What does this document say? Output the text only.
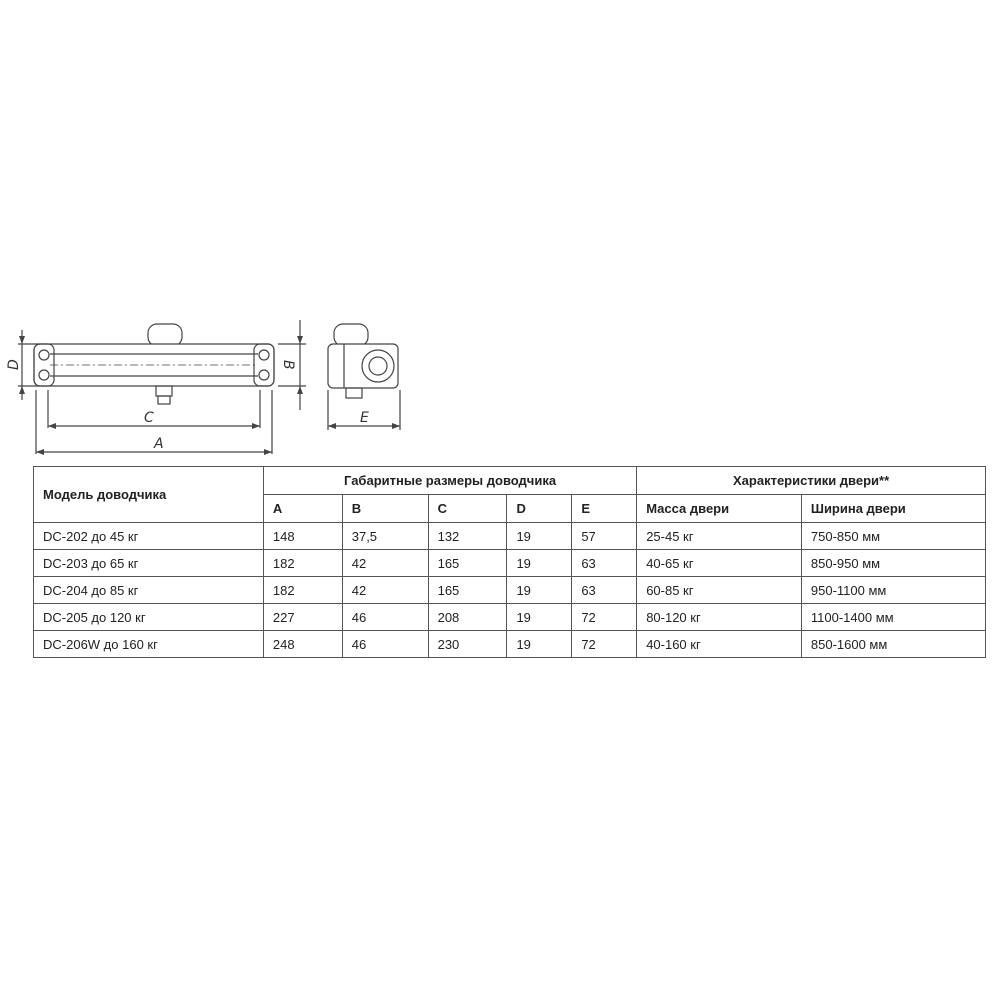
D	B
C
A
E
Модель доводчика	Габаритные размеры доводчика					Характеристики двери**	
	A	B	C	D	E	Масса двери	Ширина двери
DC-202 до 45 кг	148	37,5	132	19	57	25-45 кг	750-850 мм
DC-203 до 65 кг	182	42	165	19	63	40-65 кг	850-950 мм
DC-204 до 85 кг	182	42	165	19	63	60-85 кг	950-1100 мм
DC-205 до 120 кг	227	46	208	19	72	80-120 кг	1100-1400 мм
DC-206W до 160 кг	248	46	230	19	72	40-160 кг	850-1600 мм
